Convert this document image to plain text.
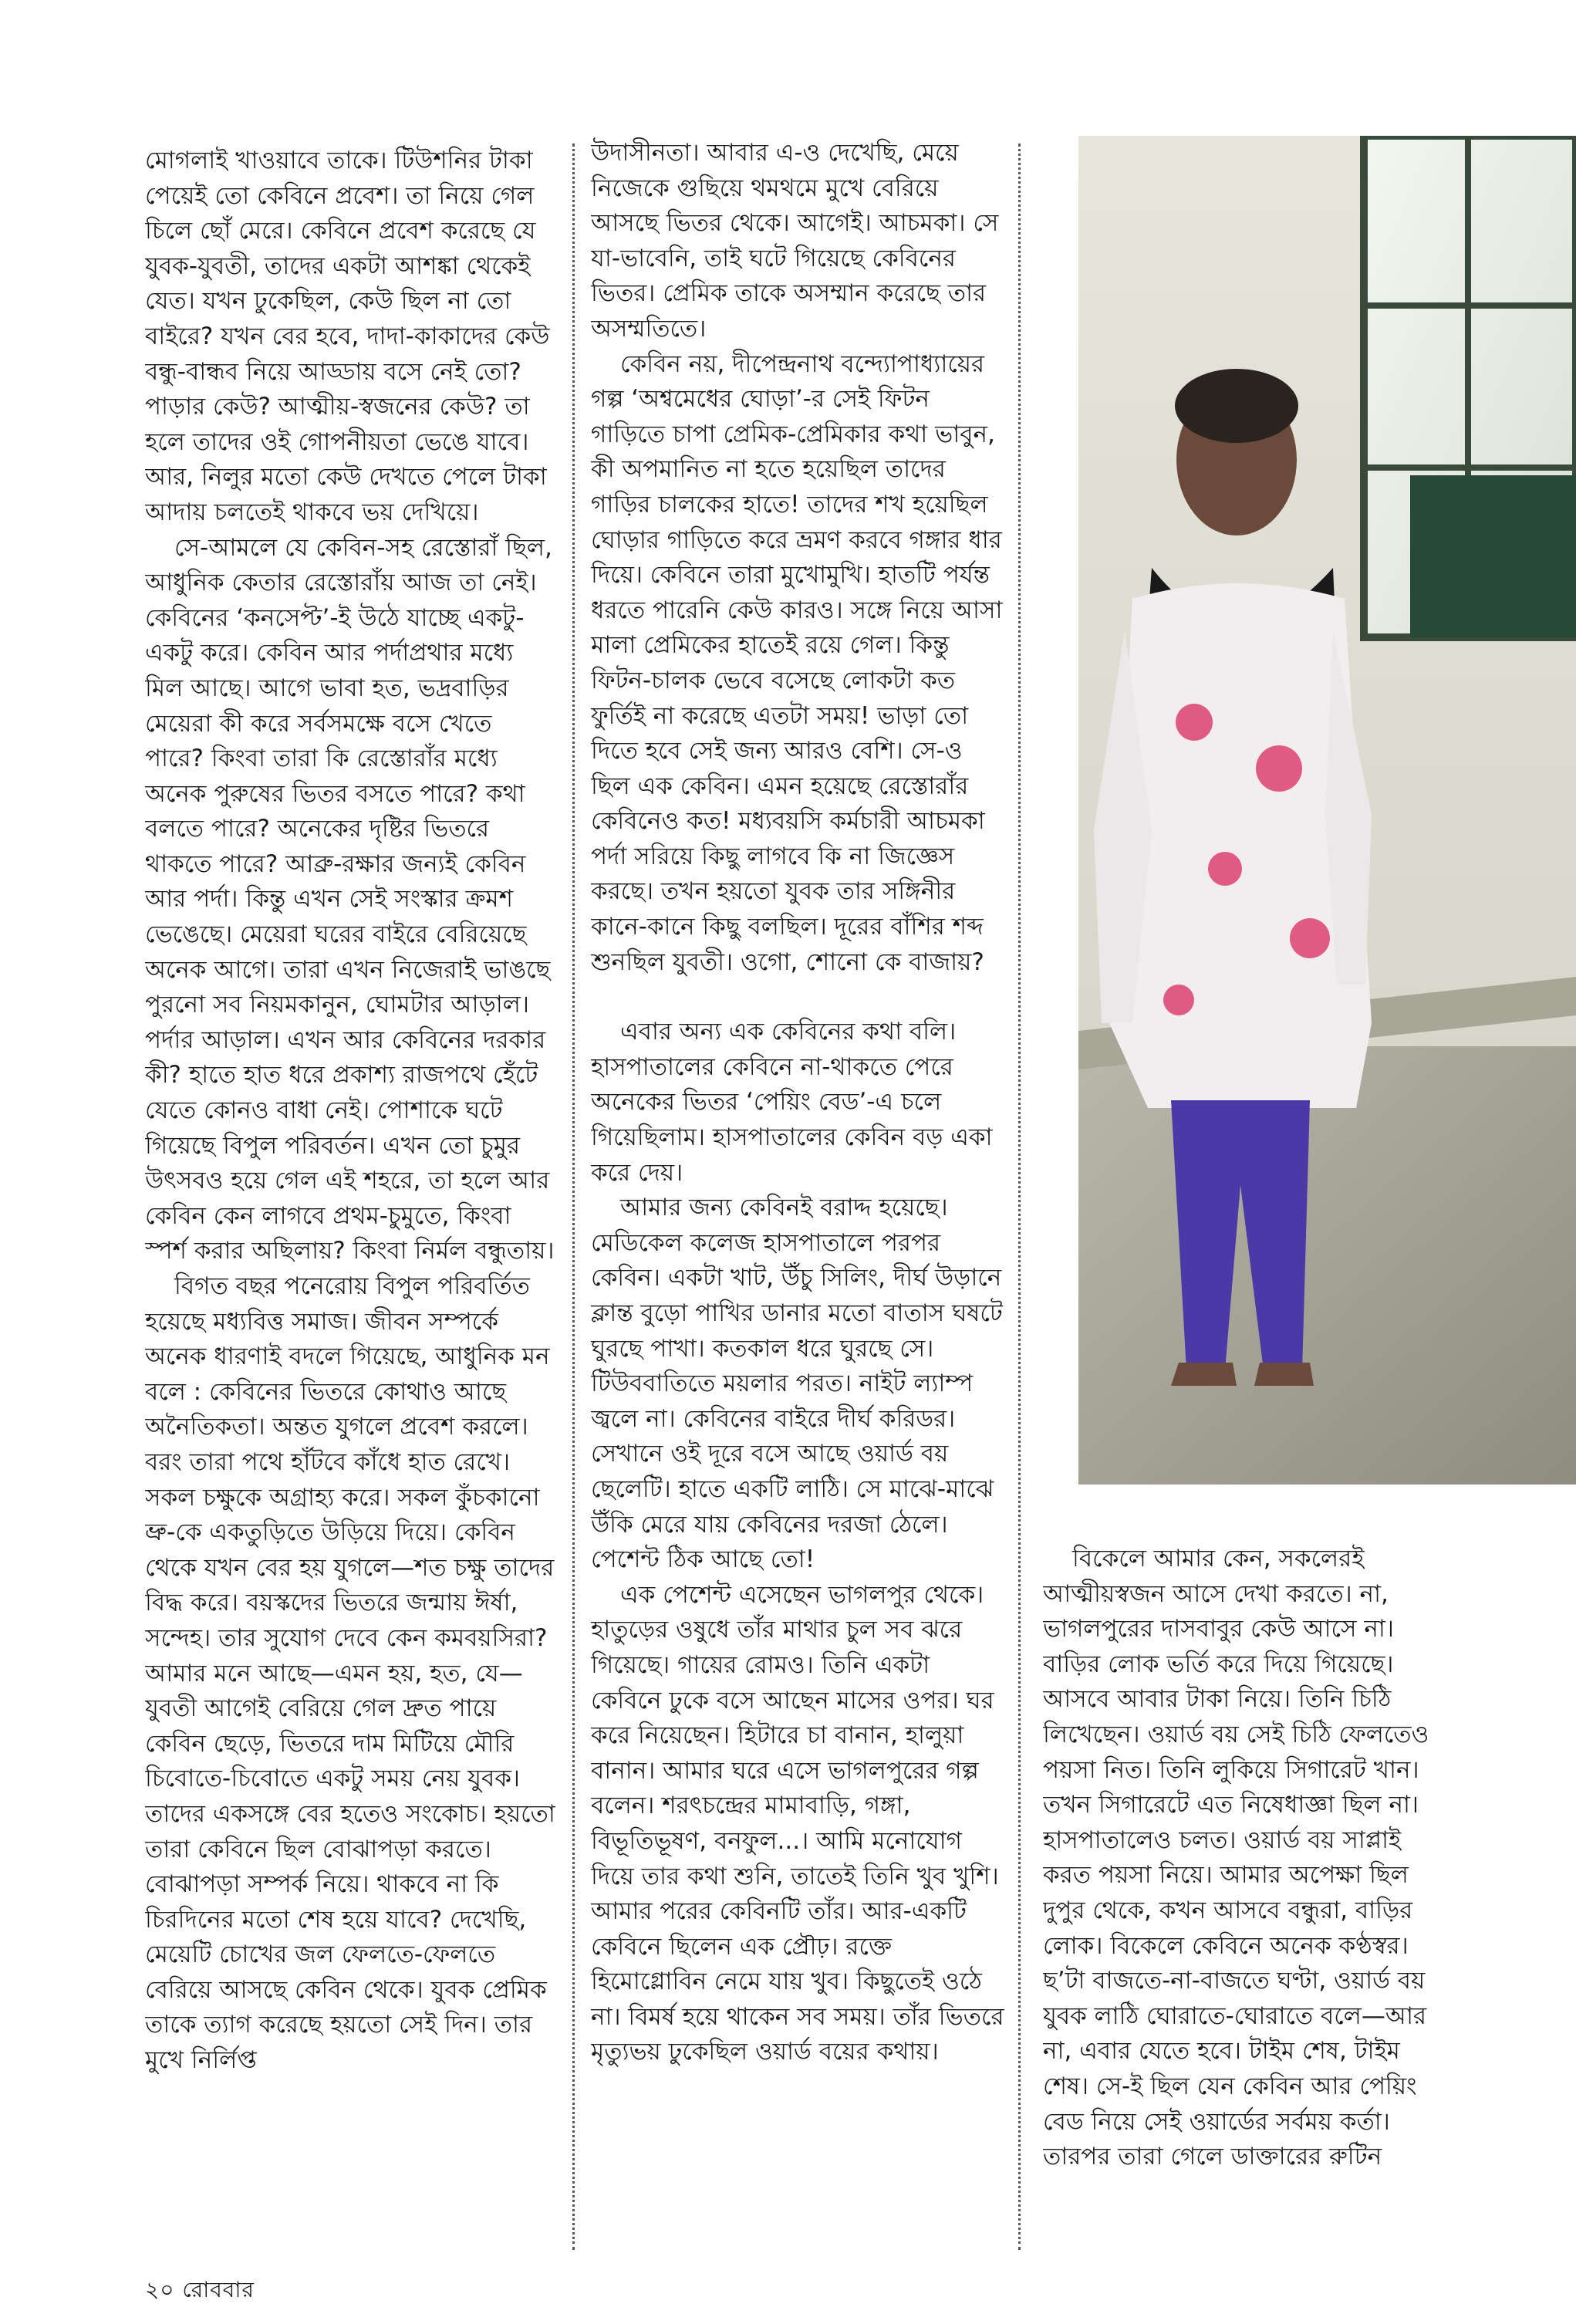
মোগলাই খাওয়াবে তাকে। টিউশনির টাকা পেয়েই তো কেবিনে প্রবেশ। তা নিয়ে গেল চিলে ছোঁ মেরে। কেবিনে প্রবেশ করেছে যে যুবক-যুবতী, তাদের একটা আশঙ্কা থেকেই যেত। যখন ঢুকেছিল, কেউ ছিল না তো বাইরে? যখন বের হবে, দাদা-কাকাদের কেউ বন্ধু-বান্ধব নিয়ে আড্ডায় বসে নেই তো? পাড়ার কেউ? আত্মীয়-স্বজনের কেউ? তা হলে তাদের ওই গোপনীয়তা ভেঙে যাবে। আর, নিলুর মতো কেউ দেখতে পেলে টাকা আদায় চলতেই থাকবে ভয় দেখিয়ে।

সে-আমলে যে কেবিন-সহ রেস্তোরাঁ ছিল, আধুনিক কেতার রেস্তোরাঁয় আজ তা নেই। কেবিনের ‘কনসেপ্ট’-ই উঠে যাচ্ছে একটু-একটু করে। কেবিন আর পর্দাপ্রথার মধ্যে মিল আছে। আগে ভাবা হত, ভদ্রবাড়ির মেয়েরা কী করে সর্বসমক্ষে বসে খেতে পারে? কিংবা তারা কি রেস্তোরাঁর মধ্যে অনেক পুরুষের ভিতর বসতে পারে? কথা বলতে পারে? অনেকের দৃষ্টির ভিতরে থাকতে পারে? আব্রু-রক্ষার জন্যই কেবিন আর পর্দা। কিন্তু এখন সেই সংস্কার ক্রমশ ভেঙেছে। মেয়েরা ঘরের বাইরে বেরিয়েছে অনেক আগে। তারা এখন নিজেরাই ভাঙছে পুরনো সব নিয়মকানুন, ঘোমটার আড়াল। পর্দার আড়াল। এখন আর কেবিনের দরকার কী? হাতে হাত ধরে প্রকাশ্য রাজপথে হেঁটে যেতে কোনও বাধা নেই। পোশাকে ঘটে গিয়েছে বিপুল পরিবর্তন। এখন তো চুমুর উৎসবও হয়ে গেল এই শহরে, তা হলে আর কেবিন কেন লাগবে প্রথম-চুমুতে, কিংবা স্পর্শ করার অছিলায়? কিংবা নির্মল বন্ধুতায়।

বিগত বছর পনেরোয় বিপুল পরিবর্তিত হয়েছে মধ্যবিত্ত সমাজ। জীবন সম্পর্কে অনেক ধারণাই বদলে গিয়েছে, আধুনিক মন বলে : কেবিনের ভিতরে কোথাও আছে অনৈতিকতা। অন্তত যুগলে প্রবেশ করলে। বরং তারা পথে হাঁটবে কাঁধে হাত রেখে। সকল চক্ষুকে অগ্রাহ্য করে। সকল কুঁচকানো ভ্রু-কে একতুড়িতে উড়িয়ে দিয়ে। কেবিন থেকে যখন বের হয় যুগলে—শত চক্ষু তাদের বিদ্ধ করে। বয়স্কদের ভিতরে জন্মায় ঈর্ষা, সন্দেহ। তার সুযোগ দেবে কেন কমবয়সিরা? আমার মনে আছে—এমন হয়, হত, যে—যুবতী আগেই বেরিয়ে গেল দ্রুত পায়ে কেবিন ছেড়ে, ভিতরে দাম মিটিয়ে মৌরি চিবোতে-চিবোতে একটু সময় নেয় যুবক। তাদের একসঙ্গে বের হতেও সংকোচ। হয়তো তারা কেবিনে ছিল বোঝাপড়া করতে। বোঝাপড়া সম্পর্ক নিয়ে। থাকবে না কি চিরদিনের মতো শেষ হয়ে যাবে? দেখেছি, মেয়েটি চোখের জল ফেলতে-ফেলতে বেরিয়ে আসছে কেবিন থেকে। যুবক প্রেমিক তাকে ত্যাগ করেছে হয়তো সেই দিন। তার মুখে নির্লিপ্ত

উদাসীনতা। আবার এ-ও দেখেছি, মেয়ে নিজেকে গুছিয়ে থমথমে মুখে বেরিয়ে আসছে ভিতর থেকে। আগেই। আচমকা। সে যা-ভাবেনি, তাই ঘটে গিয়েছে কেবিনের ভিতর। প্রেমিক তাকে অসম্মান করেছে তার অসম্মতিতে।

কেবিন নয়, দীপেন্দ্রনাথ বন্দ্যোপাধ্যায়ের গল্প ‘অশ্বমেধের ঘোড়া’-র সেই ফিটন গাড়িতে চাপা প্রেমিক-প্রেমিকার কথা ভাবুন, কী অপমানিত না হতে হয়েছিল তাদের গাড়ির চালকের হাতে! তাদের শখ হয়েছিল ঘোড়ার গাড়িতে করে ভ্রমণ করবে গঙ্গার ধার দিয়ে। কেবিনে তারা মুখোমুখি। হাতটি পর্যন্ত ধরতে পারেনি কেউ কারও। সঙ্গে নিয়ে আসা মালা প্রেমিকের হাতেই রয়ে গেল। কিন্তু ফিটন-চালক ভেবে বসেছে লোকটা কত ফুর্তিই না করেছে এতটা সময়! ভাড়া তো দিতে হবে সেই জন্য আরও বেশি। সে-ও ছিল এক কেবিন। এমন হয়েছে রেস্তোরাঁর কেবিনেও কত! মধ্যবয়সি কর্মচারী আচমকা পর্দা সরিয়ে কিছু লাগবে কি না জিজ্ঞেস করছে। তখন হয়তো যুবক তার সঙ্গিনীর কানে-কানে কিছু বলছিল। দূরের বাঁশির শব্দ শুনছিল যুবতী। ওগো, শোনো কে বাজায়?

এবার অন্য এক কেবিনের কথা বলি। হাসপাতালের কেবিনে না-থাকতে পেরে অনেকের ভিতর ‘পেয়িং বেড’-এ চলে গিয়েছিলাম। হাসপাতালের কেবিন বড় একা করে দেয়।

আমার জন্য কেবিনই বরাদ্দ হয়েছে। মেডিকেল কলেজ হাসপাতালে পরপর কেবিন। একটা খাট, উঁচু সিলিং, দীর্ঘ উড়ানে ক্লান্ত বুড়ো পাখির ডানার মতো বাতাস ঘষটে ঘুরছে পাখা। কতকাল ধরে ঘুরছে সে। টিউববাতিতে ময়লার পরত। নাইট ল্যাম্প জ্বলে না। কেবিনের বাইরে দীর্ঘ করিডর। সেখানে ওই দূরে বসে আছে ওয়ার্ড বয় ছেলেটি। হাতে একটি লাঠি। সে মাঝে-মাঝে উঁকি মেরে যায় কেবিনের দরজা ঠেলে। পেশেন্ট ঠিক আছে তো!

এক পেশেন্ট এসেছেন ভাগলপুর থেকে। হাতুড়ের ওষুধে তাঁর মাথার চুল সব ঝরে গিয়েছে। গায়ের রোমও। তিনি একটা কেবিনে ঢুকে বসে আছেন মাসের ওপর। ঘর করে নিয়েছেন। হিটারে চা বানান, হালুয়া বানান। আমার ঘরে এসে ভাগলপুরের গল্প বলেন। শরৎচন্দ্রের মামাবাড়ি, গঙ্গা, বিভূতিভূষণ, বনফুল...। আমি মনোযোগ দিয়ে তার কথা শুনি, তাতেই তিনি খুব খুশি। আমার পরের কেবিনটি তাঁর। আর-একটি কেবিনে ছিলেন এক প্রৌঢ়। রক্তে হিমোগ্লোবিন নেমে যায় খুব। কিছুতেই ওঠে না। বিমর্ষ হয়ে থাকেন সব সময়। তাঁর ভিতরে মৃত্যুভয় ঢুকেছিল ওয়ার্ড বয়ের কথায়।

বিকেলে আমার কেন, সকলেরই আত্মীয়স্বজন আসে দেখা করতে। না, ভাগলপুরের দাসবাবুর কেউ আসে না। বাড়ির লোক ভর্তি করে দিয়ে গিয়েছে। আসবে আবার টাকা নিয়ে। তিনি চিঠি লিখেছেন। ওয়ার্ড বয় সেই চিঠি ফেলতেও পয়সা নিত। তিনি লুকিয়ে সিগারেট খান। তখন সিগারেটে এত নিষেধাজ্ঞা ছিল না। হাসপাতালেও চলত। ওয়ার্ড বয় সাপ্লাই করত পয়সা নিয়ে। আমার অপেক্ষা ছিল দুপুর থেকে, কখন আসবে বন্ধুরা, বাড়ির লোক। বিকেলে কেবিনে অনেক কণ্ঠস্বর। ছ’টা বাজতে-না-বাজতে ঘণ্টা, ওয়ার্ড বয় যুবক লাঠি ঘোরাতে-ঘোরাতে বলে—আর না, এবার যেতে হবে। টাইম শেষ, টাইম শেষ। সে-ই ছিল যেন কেবিন আর পেয়িং বেড নিয়ে সেই ওয়ার্ডের সর্বময় কর্তা। তারপর তারা গেলে ডাক্তারের রুটিন

২০ রোববার
